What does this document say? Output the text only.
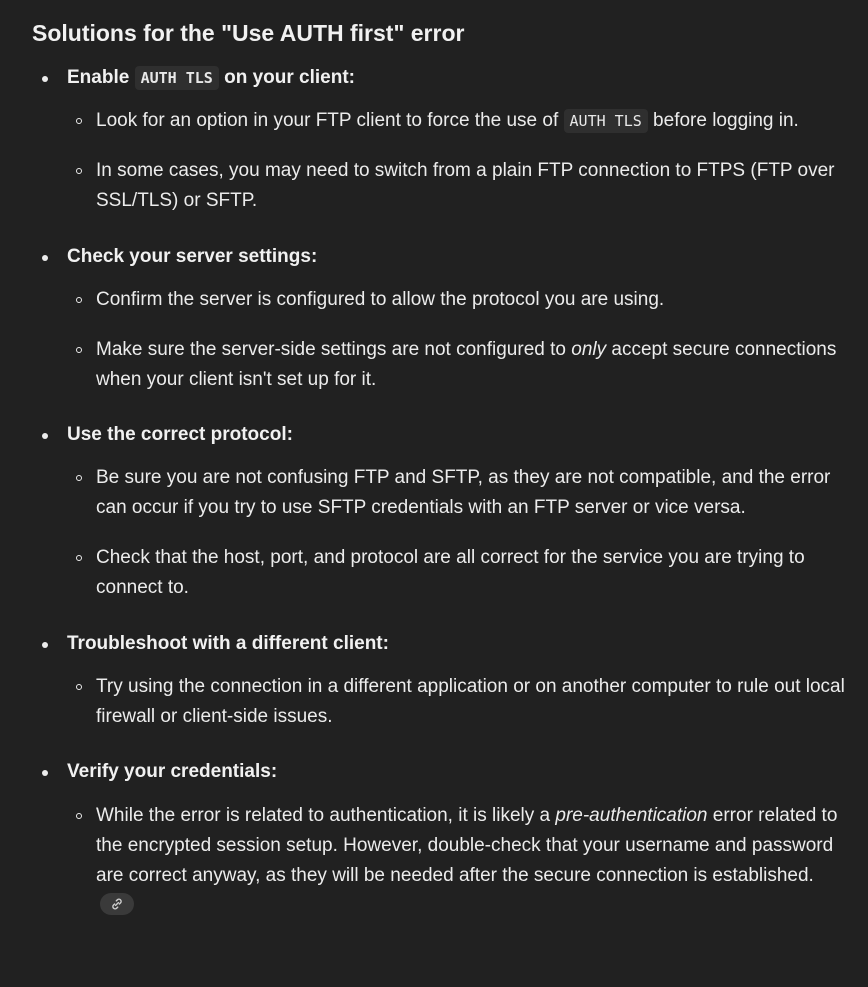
Solutions for the "Use AUTH first" error
Enable AUTH TLS on your client:
Look for an option in your FTP client to force the use of AUTH TLS before logging in.
In some cases, you may need to switch from a plain FTP connection to FTPS (FTP over SSL/TLS) or SFTP.
Check your server settings:
Confirm the server is configured to allow the protocol you are using.
Make sure the server-side settings are not configured to only accept secure connections when your client isn't set up for it.
Use the correct protocol:
Be sure you are not confusing FTP and SFTP, as they are not compatible, and the error can occur if you try to use SFTP credentials with an FTP server or vice versa.
Check that the host, port, and protocol are all correct for the service you are trying to connect to.
Troubleshoot with a different client:
Try using the connection in a different application or on another computer to rule out local firewall or client-side issues.
Verify your credentials:
While the error is related to authentication, it is likely a pre-authentication error related to the encrypted session setup. However, double-check that your username and password are correct anyway, as they will be needed after the secure connection is established.
